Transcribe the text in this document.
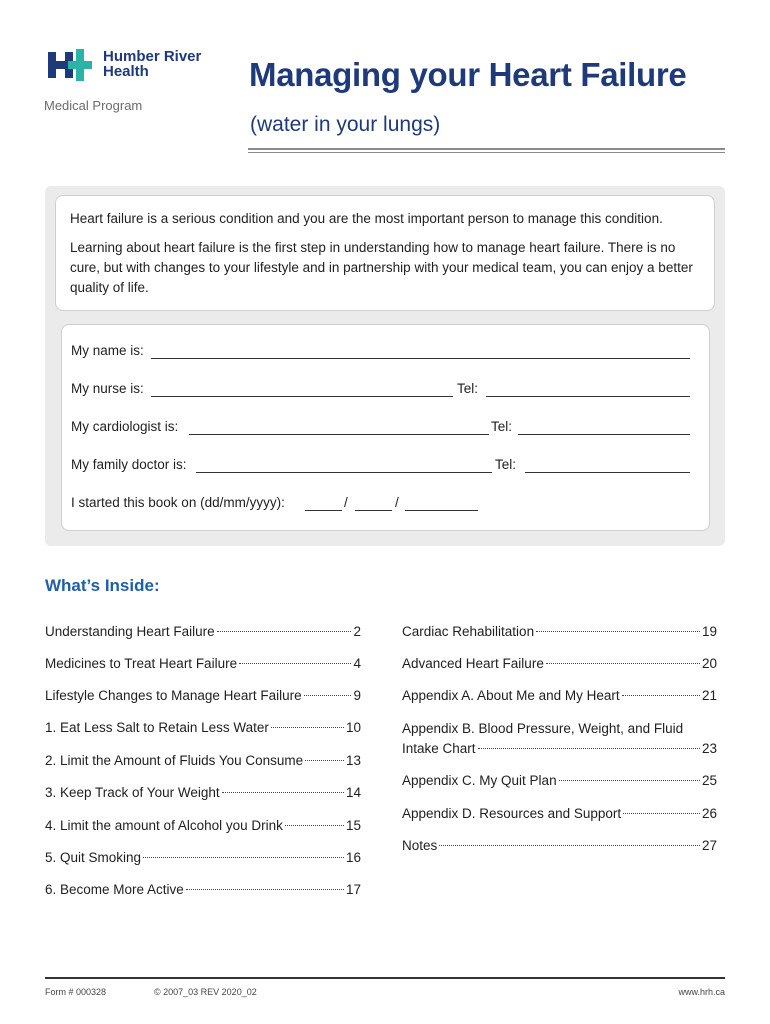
Humber River
Health
Medical Program
Managing your Heart Failure
(water in your lungs)

Heart failure is a serious condition and you are the most important person to manage this condition.

Learning about heart failure is the first step in understanding how to manage heart failure. There is no cure, but with changes to your lifestyle and in partnership with your medical team, you can enjoy a better quality of life.

My name is:
My nurse is:	Tel:
My cardiologist is:	Tel:
My family doctor is:	Tel:
I started this book on (dd/mm/yyyy):	/	/
What’s Inside:
Understanding Heart Failure	2
Medicines to Treat Heart Failure	4
Lifestyle Changes to Manage Heart Failure	9
1. Eat Less Salt to Retain Less Water	10
2. Limit the Amount of Fluids You Consume	13
3. Keep Track of Your Weight	14
4. Limit the amount of Alcohol you Drink	15
5. Quit Smoking	16
6. Become More Active	17
Cardiac Rehabilitation	19
Advanced Heart Failure	20
Appendix A. About Me and My Heart	21
Appendix B. Blood Pressure, Weight, and Fluid
Intake Chart	23
Appendix C. My Quit Plan	25
Appendix D. Resources and Support	26
Notes	27
Form # 000328	© 2007_03 REV 2020_02	www.hrh.ca
